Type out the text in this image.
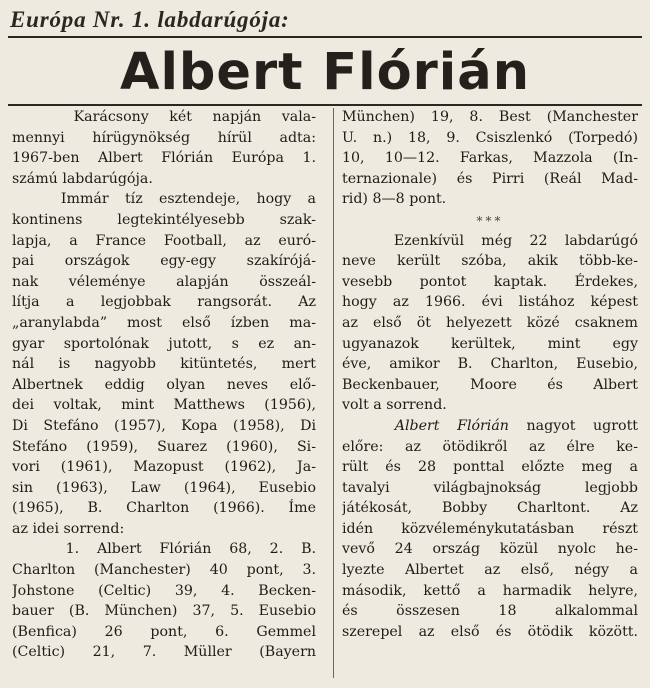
Európa Nr. 1. labdarúgója:
Albert Flórián
Karácsony két napján vala-
mennyi hírügynökség hírül adta:
1967-ben Albert Flórián Európa 1.
számú labdarúgója.
Immár tíz esztendeje, hogy a
kontinens legtekintélyesebb szak-
lapja, a France Football, az euró-
pai országok egy-egy szakírójá-
nak véleménye alapján összeál-
lítja a legjobbak rangsorát. Az
„aranylabda” most első ízben ma-
gyar sportolónak jutott, s ez an-
nál is nagyobb kitüntetés, mert
Albertnek eddig olyan neves elő-
dei voltak, mint Matthews (1956),
Di Stefáno (1957), Kopa (1958), Di
Stefáno (1959), Suarez (1960), Si-
vori (1961), Mazopust (1962), Ja-
sin (1963), Law (1964), Eusebio
(1965), B. Charlton (1966). Íme
az idei sorrend:
1. Albert Flórián 68, 2. B.
Charlton (Manchester) 40 pont, 3.
Johstone (Celtic) 39, 4. Becken-
bauer (B. München) 37, 5. Eusebio
(Benfica) 26 pont, 6. Gemmel
(Celtic) 21, 7. Müller (Bayern
München) 19, 8. Best (Manchester
U. n.) 18, 9. Csiszlenkó (Torpedó)
10, 10—12. Farkas, Mazzola (In-
ternazionale) és Pirri (Reál Mad-
rid) 8—8 pont.
***
Ezenkívül még 22 labdarúgó
neve került szóba, akik több-ke-
vesebb pontot kaptak. Érdekes,
hogy az 1966. évi listához képest
az első öt helyezett közé csaknem
ugyanazok kerültek, mint egy
éve, amikor B. Charlton, Eusebio,
Beckenbauer, Moore és Albert
volt a sorrend.
Albert Flórián nagyot ugrott
előre: az ötödikről az élre ke-
rült és 28 ponttal előzte meg a
tavalyi világbajnokság legjobb
játékosát, Bobby Charltont. Az
idén közvéleménykutatásban részt
vevő 24 ország közül nyolc he-
lyezte Albertet az első, négy a
második, kettő a harmadik helyre,
és összesen 18 alkalommal
szerepel az első és ötödik között.
